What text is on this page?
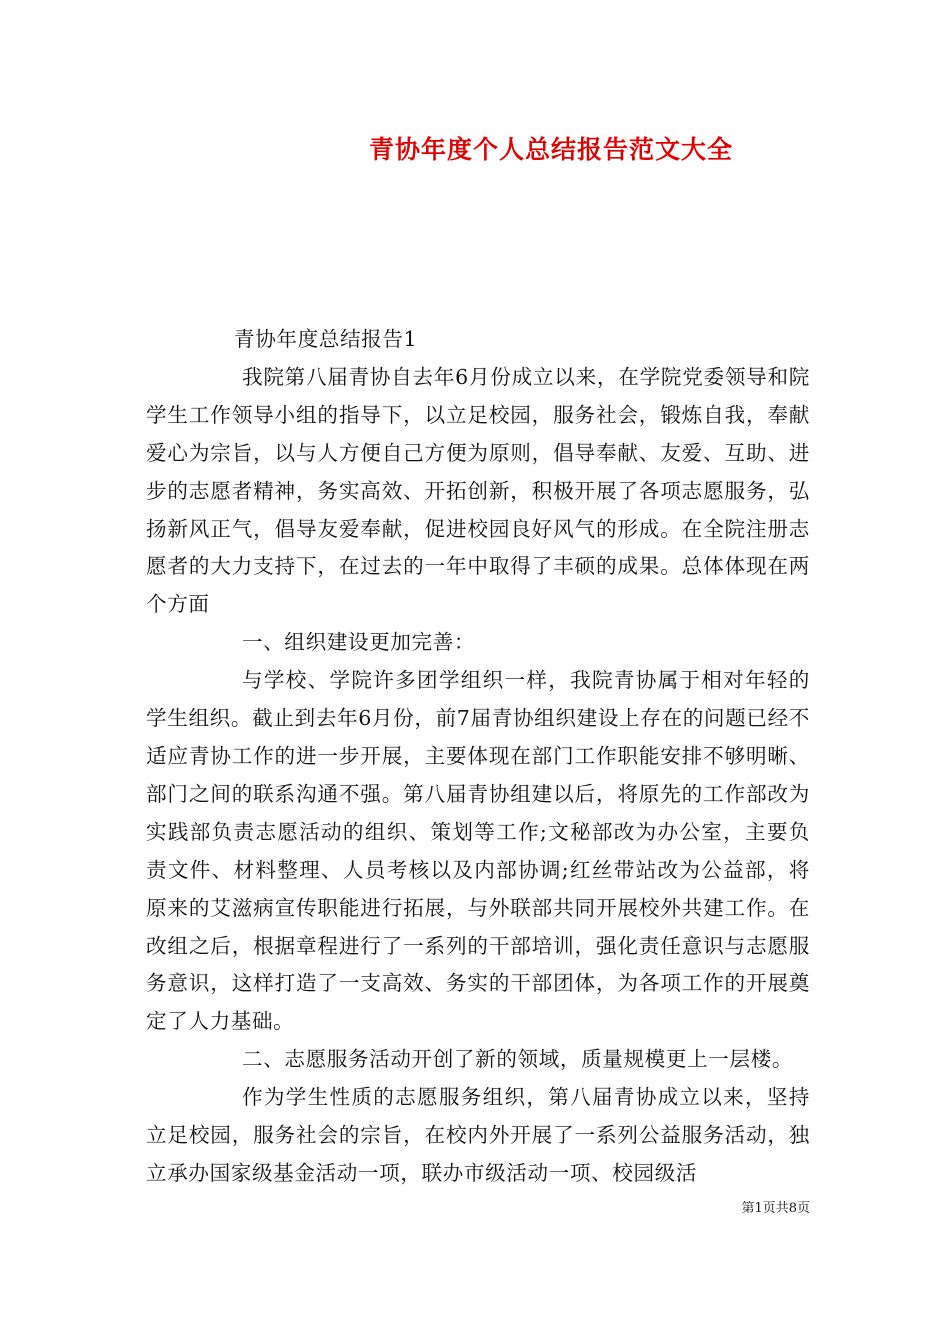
青协年度个人总结报告范文大全

青协年度总结报告1

我院第八届青协自去年6月份成立以来，在学院党委领导和院学生工作领导小组的指导下，以立足校园，服务社会，锻炼自我，奉献爱心为宗旨，以与人方便自己方便为原则，倡导奉献、友爱、互助、进步的志愿者精神，务实高效、开拓创新，积极开展了各项志愿服务，弘扬新风正气，倡导友爱奉献，促进校园良好风气的形成。在全院注册志愿者的大力支持下，在过去的一年中取得了丰硕的成果。总体体现在两个方面

一、组织建设更加完善：

与学校、学院许多团学组织一样，我院青协属于相对年轻的学生组织。截止到去年6月份，前7届青协组织建设上存在的问题已经不适应青协工作的进一步开展，主要体现在部门工作职能安排不够明晰、部门之间的联系沟通不强。第八届青协组建以后，将原先的工作部改为实践部负责志愿活动的组织、策划等工作;文秘部改为办公室，主要负责文件、材料整理、人员考核以及内部协调;红丝带站改为公益部，将原来的艾滋病宣传职能进行拓展，与外联部共同开展校外共建工作。在改组之后，根据章程进行了一系列的干部培训，强化责任意识与志愿服务意识，这样打造了一支高效、务实的干部团体，为各项工作的开展奠定了人力基础。

二、志愿服务活动开创了新的领域，质量规模更上一层楼。

作为学生性质的志愿服务组织，第八届青协成立以来，坚持立足校园，服务社会的宗旨，在校内外开展了一系列公益服务活动，独立承办国家级基金活动一项，联办市级活动一项、校园级活

第1页共8页
